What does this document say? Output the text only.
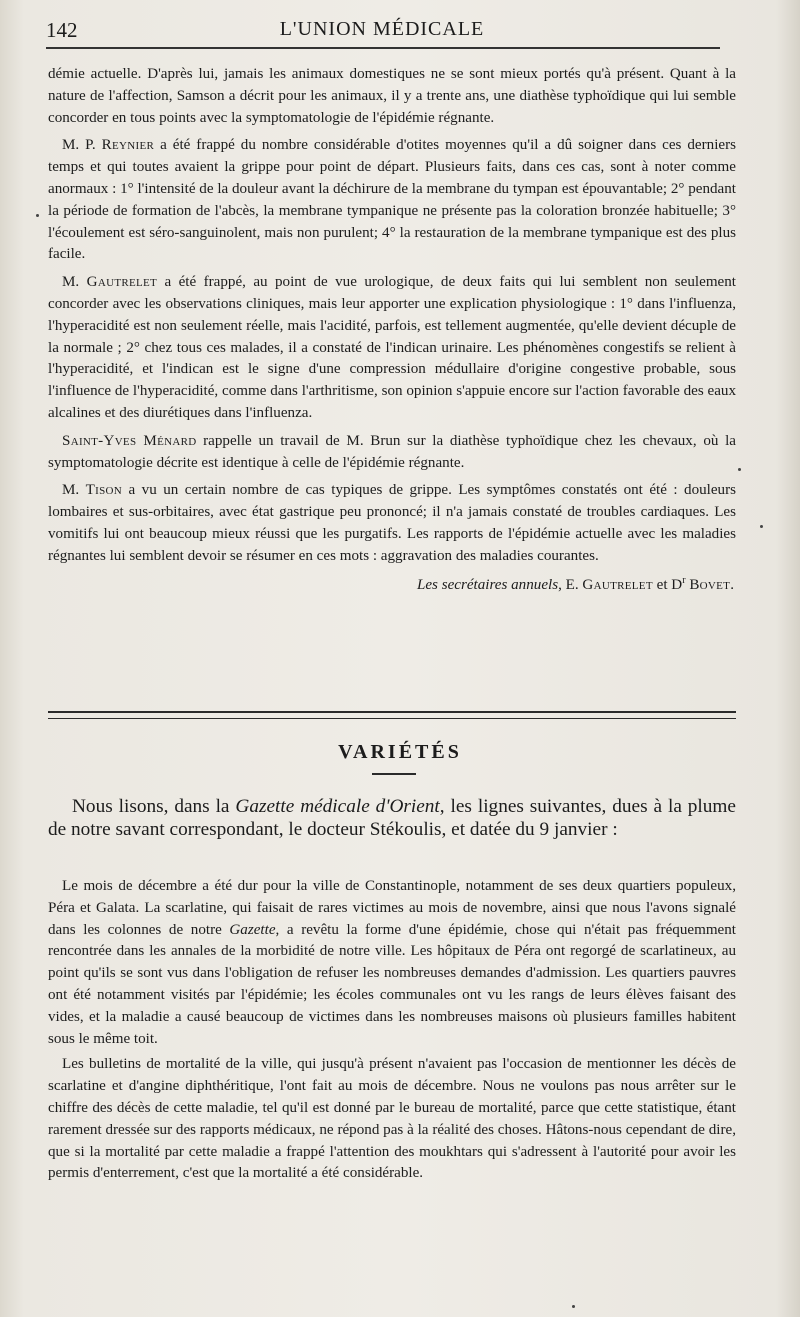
142	L'UNION MÉDICALE

démie actuelle. D'après lui, jamais les animaux domestiques ne se sont mieux portés qu'à présent. Quant à la nature de l'affection, Samson a décrit pour les animaux, il y a trente ans, une diathèse typhoïdique qui lui semble concorder en tous points avec la symptomatologie de l'épidémie régnante.

M. P. Reynier a été frappé du nombre considérable d'otites moyennes qu'il a dû soigner dans ces derniers temps et qui toutes avaient la grippe pour point de départ. Plusieurs faits, dans ces cas, sont à noter comme anormaux : 1° l'intensité de la douleur avant la déchirure de la membrane du tympan est épouvantable; 2° pendant la période de formation de l'abcès, la membrane tympanique ne présente pas la coloration bronzée habituelle; 3° l'écoulement est séro-sanguinolent, mais non purulent; 4° la restauration de la membrane tympanique est des plus facile.

M. Gautrelet a été frappé, au point de vue urologique, de deux faits qui lui semblent non seulement concorder avec les observations cliniques, mais leur apporter une explication physiologique : 1° dans l'influenza, l'hyperacidité est non seulement réelle, mais l'acidité, parfois, est tellement augmentée, qu'elle devient décuple de la normale ; 2° chez tous ces malades, il a constaté de l'indican urinaire. Les phénomènes congestifs se relient à l'hyperacidité, et l'indican est le signe d'une compression médullaire d'origine congestive probable, sous l'influence de l'hyperacidité, comme dans l'arthritisme, son opinion s'appuie encore sur l'action favorable des eaux alcalines et des diurétiques dans l'influenza.

Saint-Yves Ménard rappelle un travail de M. Brun sur la diathèse typhoïdique chez les chevaux, où la symptomatologie décrite est identique à celle de l'épidémie régnante.

M. Tison a vu un certain nombre de cas typiques de grippe. Les symptômes constatés ont été : douleurs lombaires et sus-orbitaires, avec état gastrique peu prononcé; il n'a jamais constaté de troubles cardiaques. Les vomitifs lui ont beaucoup mieux réussi que les purgatifs. Les rapports de l'épidémie actuelle avec les maladies régnantes lui semblent devoir se résumer en ces mots : aggravation des maladies courantes.

Les secrétaires annuels, E. Gautrelet et $D^r$ Bovet.
VARIÉTÉS
Nous lisons, dans la Gazette médicale d'Orient, les lignes suivantes, dues à la plume de notre savant correspondant, le docteur Stékoulis, et datée du 9 janvier :

Le mois de décembre a été dur pour la ville de Constantinople, notamment de ses deux quartiers populeux, Péra et Galata. La scarlatine, qui faisait de rares victimes au mois de novembre, ainsi que nous l'avons signalé dans les colonnes de notre Gazette, a revêtu la forme d'une épidémie, chose qui n'était pas fréquemment rencontrée dans les annales de la morbidité de notre ville. Les hôpitaux de Péra ont regorgé de scarlatineux, au point qu'ils se sont vus dans l'obligation de refuser les nombreuses demandes d'admission. Les quartiers pauvres ont été notamment visités par l'épidémie; les écoles communales ont vu les rangs de leurs élèves faisant des vides, et la maladie a causé beaucoup de victimes dans les nombreuses maisons où plusieurs familles habitent sous le même toit.

Les bulletins de mortalité de la ville, qui jusqu'à présent n'avaient pas l'occasion de mentionner les décès de scarlatine et d'angine diphthéritique, l'ont fait au mois de décembre. Nous ne voulons pas nous arrêter sur le chiffre des décès de cette maladie, tel qu'il est donné par le bureau de mortalité, parce que cette statistique, étant rarement dressée sur des rapports médicaux, ne répond pas à la réalité des choses. Hâtons-nous cependant de dire, que si la mortalité par cette maladie a frappé l'attention des moukhtars qui s'adressent à l'autorité pour avoir les permis d'enterrement, c'est que la mortalité a été considérable.
